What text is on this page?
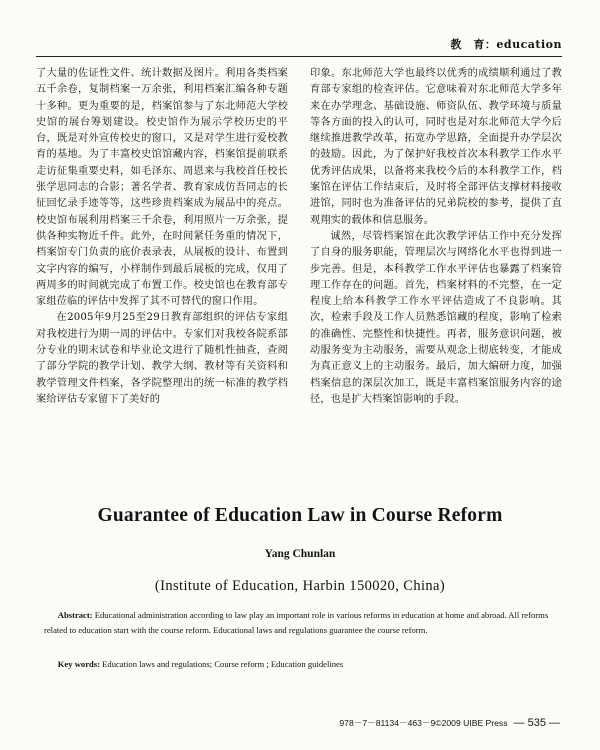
教　育：education

了大量的佐证性文件、统计数据及图片。利用各类档案五千余卷，复制档案一万余张，利用档案汇编各种专题十多种。更为重要的是，档案馆参与了东北师范大学校史馆的展台筹划建设。校史馆作为展示学校历史的平台，既是对外宣传校史的窗口，又是对学生进行爱校教育的基地。为了丰富校史馆馆藏内容，档案馆提前联系走访征集重要史料，如毛泽东、周恩来与我校首任校长张学思同志的合影；著名学者、教育家成仿吾同志的长征回忆录手迹等等，这些珍贵档案成为展品中的亮点。校史馆布展利用档案三千余卷，利用照片一万余张，提供各种实物近千件。此外，在时间紧任务重的情况下，档案馆专门负责的底价表录表，从展板的设计、布置到文字内容的编写，小样制作到最后展板的完成，仅用了两周多的时间就完成了布置工作。校史馆也在教育部专家组莅临的评估中发挥了其不可替代的窗口作用。

在2005年9月25至29日教育部组织的评估专家组对我校进行为期一周的评估中。专家们对我校各院系部分专业的期末试卷和毕业论文进行了随机性抽查，查阅了部分学院的教学计划、教学大纲、教材等有关资料和教学管理文件档案，各学院整理出的统一标准的教学档案给评估专家留下了美好的

印象。东北师范大学也最终以优秀的成绩顺利通过了教育部专家组的检查评估。它意味着对东北师范大学多年来在办学理念、基础设施、师资队伍、教学环境与质量等各方面的投入的认可，同时也是对东北师范大学今后继续推进教学改革，拓宽办学思路，全面提升办学层次的鼓励。因此，为了保护好我校首次本科教学工作水平优秀评估成果，以备将来我校今后的本科教学工作，档案馆在评估工作结束后，及时将全部评估支撑材料接收进馆，同时也为准备评估的兄弟院校的参考，提供了直观翔实的载体和信息服务。

诚然，尽管档案馆在此次教学评估工作中充分发挥了自身的服务职能，管理层次与网络化水平也得到进一步完善。但是，本科教学工作水平评估也暴露了档案管理工作存在的问题。首先，档案材料的不完整，在一定程度上给本科教学工作水平评估造成了不良影响。其次，检索手段及工作人员熟悉馆藏的程度，影响了检索的准确性、完整性和快捷性。再者，服务意识问题，被动服务变为主动服务，需要从观念上彻底转变，才能成为真正意义上的主动服务。最后，加大编研力度，加强档案信息的深层次加工，既是丰富档案馆服务内容的途径，也是扩大档案馆影响的手段。

Guarantee of Education Law in Course Reform
Yang Chunlan
(Institute of Education, Harbin 150020, China)
Abstract: Educational administration according to law play an important role in various reforms in education at home and abroad. All reforms related to education start with the course reform. Educational laws and regulations guarantee the course reform.
Key words: Education laws and regulations; Course reform ; Education guidelines
978－7－81134－463－9©2009 UIBE Press — 535 —
